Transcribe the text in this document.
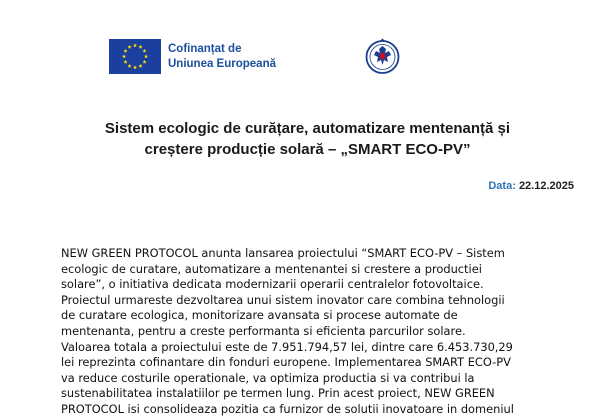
Cofinanțat de
Uniunea Europeană
Sistem ecologic de curățare, automatizare mentenanță și
creștere producție solară – „SMART ECO-PV”
Data: 22.12.2025
NEW GREEN PROTOCOL anunta lansarea proiectului “SMART ECO-PV – Sistem
ecologic de curatare, automatizare a mentenantei si crestere a productiei
solare”, o initiativa dedicata modernizarii operarii centralelor fotovoltaice.
Proiectul urmareste dezvoltarea unui sistem inovator care combina tehnologii
de curatare ecologica, monitorizare avansata si procese automate de
mentenanta, pentru a creste performanta si eficienta parcurilor solare.
Valoarea totala a proiectului este de 7.951.794,57 lei, dintre care 6.453.730,29
lei reprezinta cofinantare din fonduri europene. Implementarea SMART ECO-PV
va reduce costurile operationale, va optimiza productia si va contribui la
sustenabilitatea instalatiilor pe termen lung. Prin acest proiect, NEW GREEN
PROTOCOL isi consolideaza pozitia ca furnizor de solutii inovatoare in domeniul
